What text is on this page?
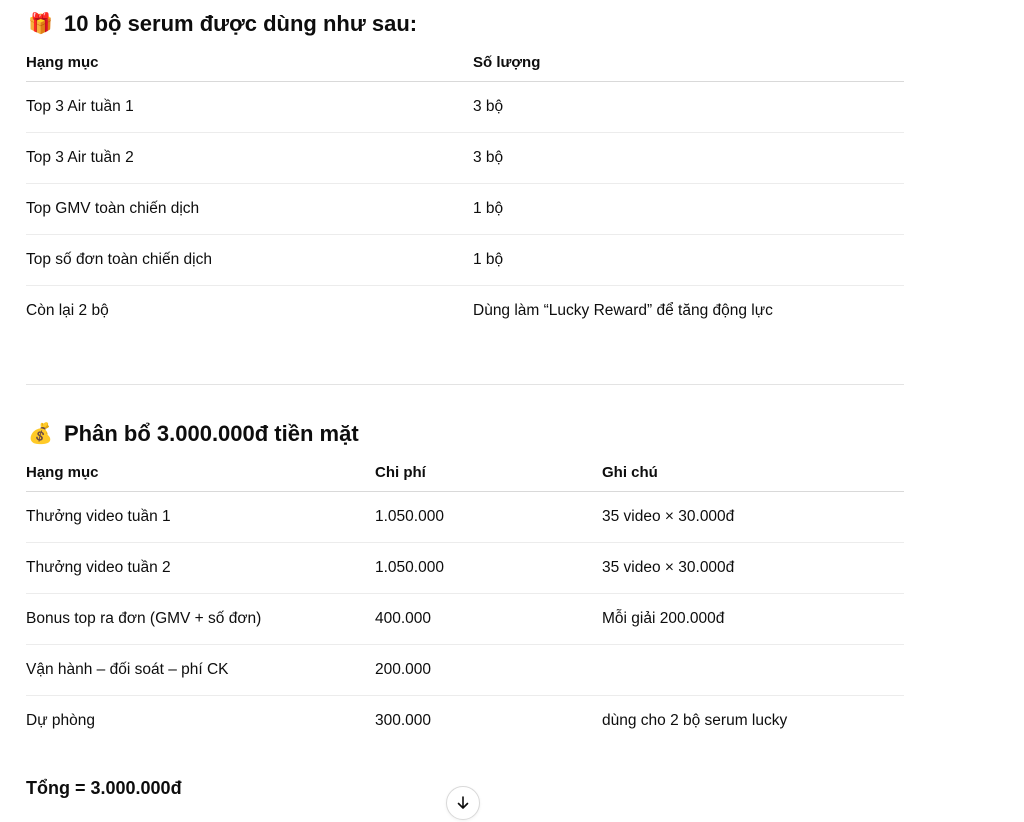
🎁 10 bộ serum được dùng như sau:
Hạng mục	Số lượng
Top 3 Air tuần 1	3 bộ
Top 3 Air tuần 2	3 bộ
Top GMV toàn chiến dịch	1 bộ
Top số đơn toàn chiến dịch	1 bộ
Còn lại 2 bộ	Dùng làm “Lucky Reward” để tăng động lực
💰 Phân bổ 3.000.000đ tiền mặt
Hạng mục	Chi phí	Ghi chú
Thưởng video tuần 1	1.050.000	35 video × 30.000đ
Thưởng video tuần 2	1.050.000	35 video × 30.000đ
Bonus top ra đơn (GMV + số đơn)	400.000	Mỗi giải 200.000đ
Vận hành – đối soát – phí CK	200.000	
Dự phòng	300.000	dùng cho 2 bộ serum lucky
Tổng = 3.000.000đ
